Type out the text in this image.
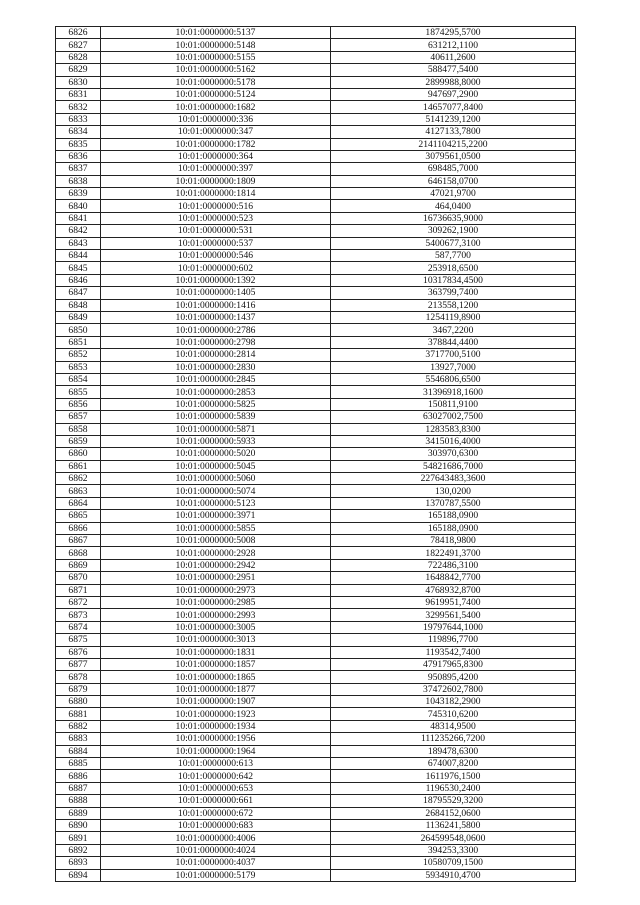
6826	10:01:0000000:5137	1874295,5700
6827	10:01:0000000:5148	631212,1100
6828	10:01:0000000:5155	40611,2600
6829	10:01:0000000:5162	588477,5400
6830	10:01:0000000:5178	2899988,8000
6831	10:01:0000000:5124	947697,2900
6832	10:01:0000000:1682	14657077,8400
6833	10:01:0000000:336	5141239,1200
6834	10:01:0000000:347	4127133,7800
6835	10:01:0000000:1782	2141104215,2200
6836	10:01:0000000:364	3079561,0500
6837	10:01:0000000:397	698485,7000
6838	10:01:0000000:1809	646158,0700
6839	10:01:0000000:1814	47021,9700
6840	10:01:0000000:516	464,0400
6841	10:01:0000000:523	16736635,9000
6842	10:01:0000000:531	309262,1900
6843	10:01:0000000:537	5400677,3100
6844	10:01:0000000:546	587,7700
6845	10:01:0000000:602	253918,6500
6846	10:01:0000000:1392	10317834,4500
6847	10:01:0000000:1405	363799,7400
6848	10:01:0000000:1416	213558,1200
6849	10:01:0000000:1437	1254119,8900
6850	10:01:0000000:2786	3467,2200
6851	10:01:0000000:2798	378844,4400
6852	10:01:0000000:2814	3717700,5100
6853	10:01:0000000:2830	13927,7000
6854	10:01:0000000:2845	5546806,6500
6855	10:01:0000000:2853	31396918,1600
6856	10:01:0000000:5825	150811,9100
6857	10:01:0000000:5839	63027002,7500
6858	10:01:0000000:5871	1283583,8300
6859	10:01:0000000:5933	3415016,4000
6860	10:01:0000000:5020	303970,6300
6861	10:01:0000000:5045	54821686,7000
6862	10:01:0000000:5060	227643483,3600
6863	10:01:0000000:5074	130,0200
6864	10:01:0000000:5123	1370787,5500
6865	10:01:0000000:3971	165188,0900
6866	10:01:0000000:5855	165188,0900
6867	10:01:0000000:5008	78418,9800
6868	10:01:0000000:2928	1822491,3700
6869	10:01:0000000:2942	722486,3100
6870	10:01:0000000:2951	1648842,7700
6871	10:01:0000000:2973	4768932,8700
6872	10:01:0000000:2985	9619951,7400
6873	10:01:0000000:2993	3299561,5400
6874	10:01:0000000:3005	19797644,1000
6875	10:01:0000000:3013	119896,7700
6876	10:01:0000000:1831	1193542,7400
6877	10:01:0000000:1857	47917965,8300
6878	10:01:0000000:1865	950895,4200
6879	10:01:0000000:1877	37472602,7800
6880	10:01:0000000:1907	1043182,2900
6881	10:01:0000000:1923	745310,6200
6882	10:01:0000000:1934	48314,9500
6883	10:01:0000000:1956	111235266,7200
6884	10:01:0000000:1964	189478,6300
6885	10:01:0000000:613	674007,8200
6886	10:01:0000000:642	1611976,1500
6887	10:01:0000000:653	1196530,2400
6888	10:01:0000000:661	18795529,3200
6889	10:01:0000000:672	2684152,0600
6890	10:01:0000000:683	1136241,5800
6891	10:01:0000000:4006	264599548,0600
6892	10:01:0000000:4024	394253,3300
6893	10:01:0000000:4037	10580709,1500
6894	10:01:0000000:5179	5934910,4700
